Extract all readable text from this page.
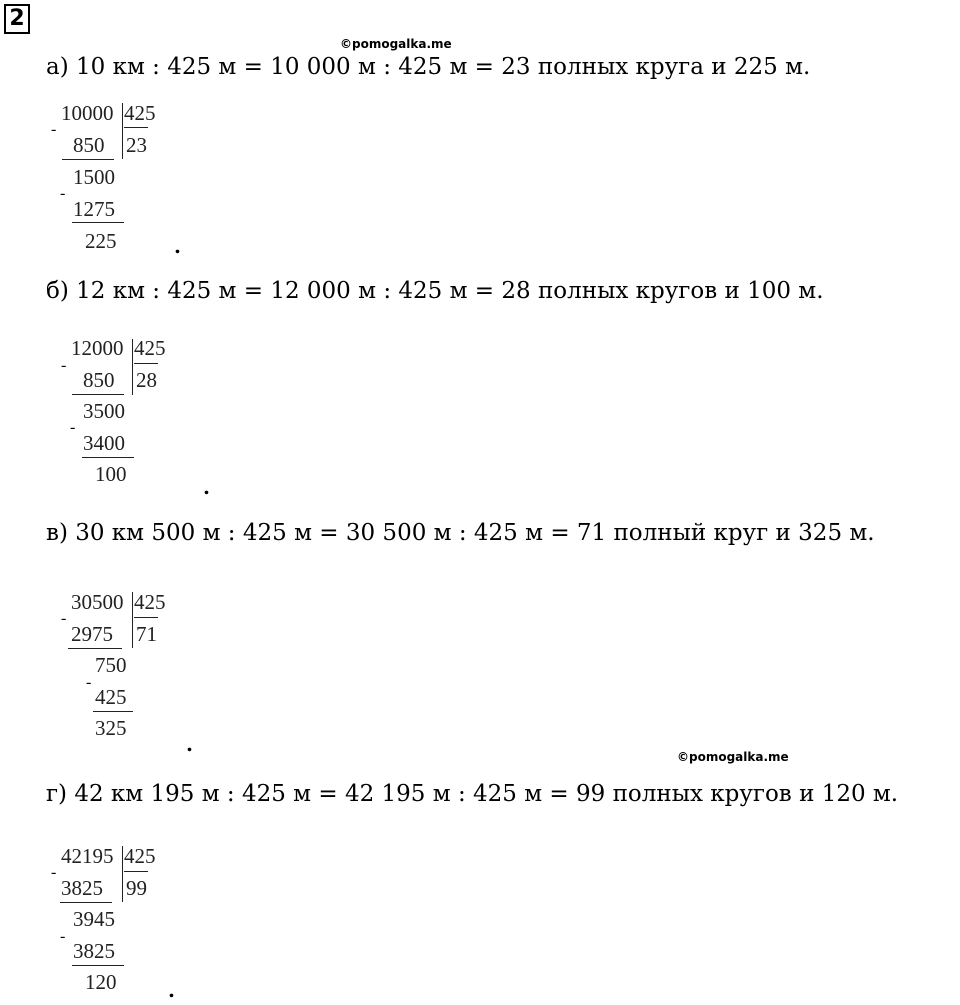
2
©pomogalka.me
©pomogalka.me
а) 10 км : 425 м = 10 000 м : 425 м = 23 полных круга и 225 м.
10000 425
23
-
850
1500
-
1275
225	.
б) 12 км : 425 м = 12 000 м : 425 м = 28 полных кругов и 100 м.
12000 425
28
-
850
3500
-
3400
100
.
в) 30 км 500 м : 425 м = 30 500 м : 425 м = 71 полный круг и 325 м.
30500 425
71
-
2975
750
-
425
325
.
г) 42 км 195 м : 425 м = 42 195 м : 425 м = 99 полных кругов и 120 м.
42195 425
99
-
3825
3945
-
3825
120	.
